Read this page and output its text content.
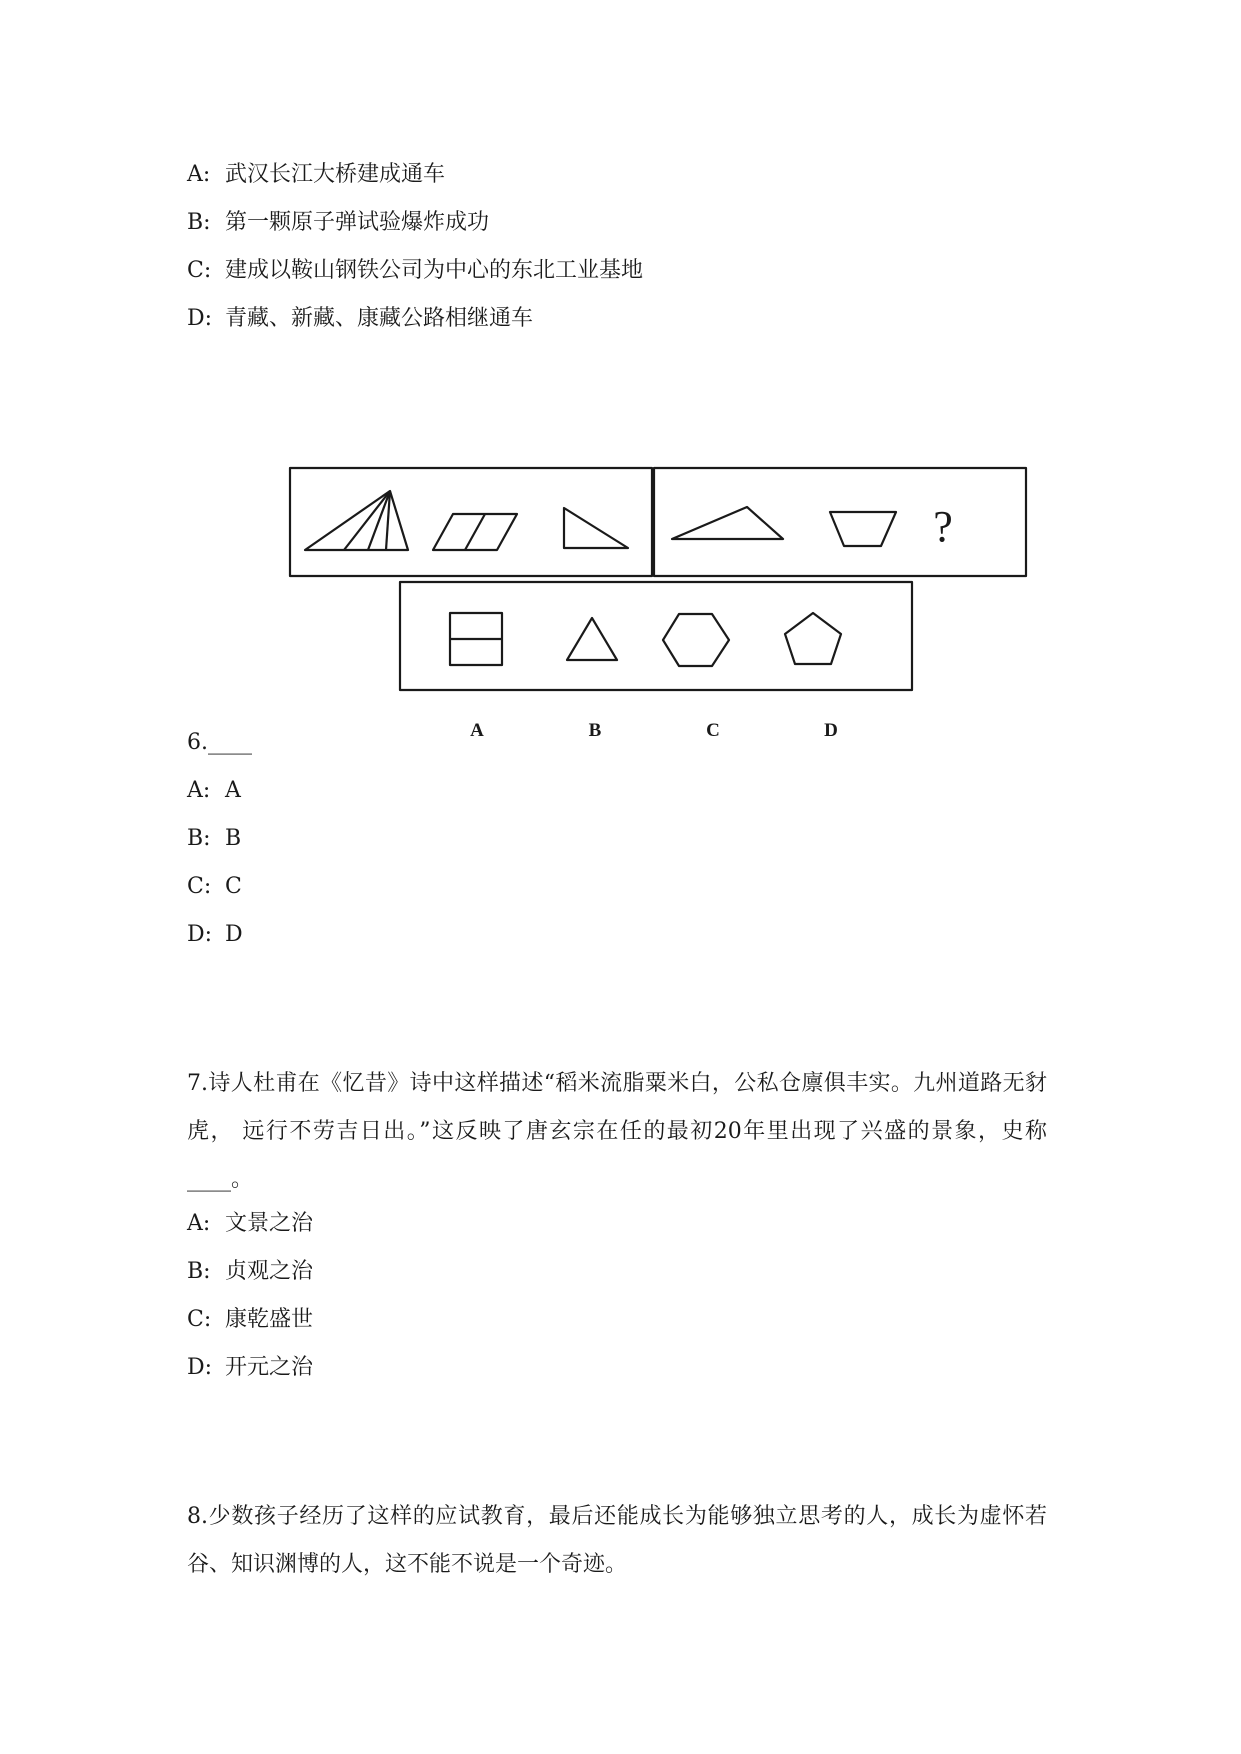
A: 武汉长江大桥建成通车
B: 第一颗原子弹试验爆炸成功
C: 建成以鞍山钢铁公司为中心的东北工业基地
D: 青藏、新藏、康藏公路相继通车
?
A	B	C	D
6.____
A: A
B: B
C: C
D: D
7.诗人杜甫在《忆昔》诗中这样描述“稻米流脂粟米白，公私仓廪俱丰实。九州道路无豺虎， 远行不劳吉日出。”这反映了唐玄宗在任的最初20年里出现了兴盛的景象，史称____。
A: 文景之治
B: 贞观之治
C: 康乾盛世
D: 开元之治
8.少数孩子经历了这样的应试教育，最后还能成长为能够独立思考的人，成长为虚怀若谷、知识渊博的人，这不能不说是一个奇迹。
